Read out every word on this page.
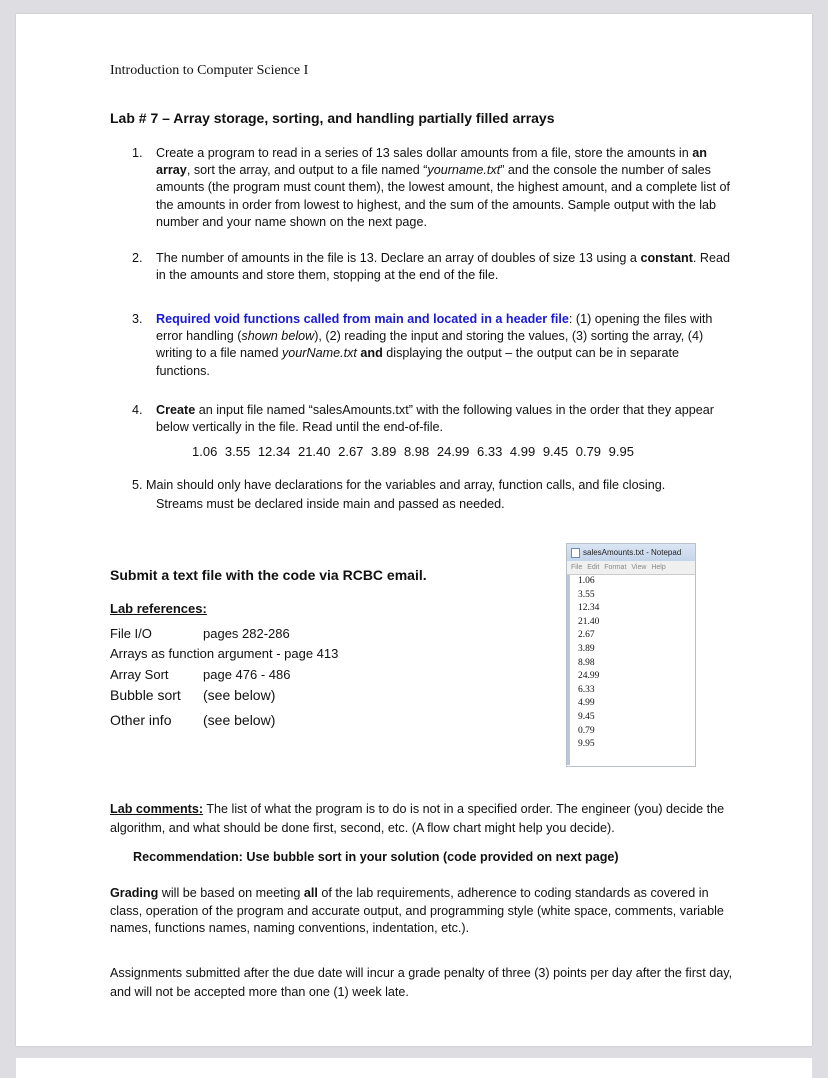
Introduction to Computer Science I
Lab # 7 – Array storage, sorting, and handling partially filled arrays
1. Create a program to read in a series of 13 sales dollar amounts from a file, store the amounts in an array, sort the array, and output to a file named “yourname.txt” and the console the number of sales amounts (the program must count them), the lowest amount, the highest amount, and a complete list of the amounts in order from lowest to highest, and the sum of the amounts. Sample output with the lab number and your name shown on the next page.
2. The number of amounts in the file is 13. Declare an array of doubles of size 13 using a constant. Read in the amounts and store them, stopping at the end of the file.
3. Required void functions called from main and located in a header file: (1) opening the files with error handling (shown below), (2) reading the input and storing the values, (3) sorting the array, (4) writing to a file named yourName.txt and displaying the output – the output can be in separate functions.
4. Create an input file named “salesAmounts.txt” with the following values in the order that they appear below vertically in the file. Read until the end-of-file.
1.06 3.55 12.34 21.40 2.67 3.89 8.98 24.99 6.33 4.99 9.45 0.79 9.95
5. Main should only have declarations for the variables and array, function calls, and file closing.
Streams must be declared inside main and passed as needed.
Submit a text file with the code via RCBC email.
Lab references:
File I/O	pages 282-286
Arrays as function argument - page 413
Array Sort	page 476 - 486
Bubble sort (see below)
Other info (see below)
salesAmounts.txt - Notepad
File Edit Format View Help
1.06
3.55
12.34
21.40
2.67
3.89
8.98
24.99
6.33
4.99
9.45
0.79
9.95
Lab comments: The list of what the program is to do is not in a specified order. The engineer (you) decide the algorithm, and what should be done first, second, etc. (A flow chart might help you decide).
Recommendation: Use bubble sort in your solution (code provided on next page)
Grading will be based on meeting all of the lab requirements, adherence to coding standards as covered in class, operation of the program and accurate output, and programming style (white space, comments, variable names, functions names, naming conventions, indentation, etc.).
Assignments submitted after the due date will incur a grade penalty of three (3) points per day after the first day, and will not be accepted more than one (1) week late.
